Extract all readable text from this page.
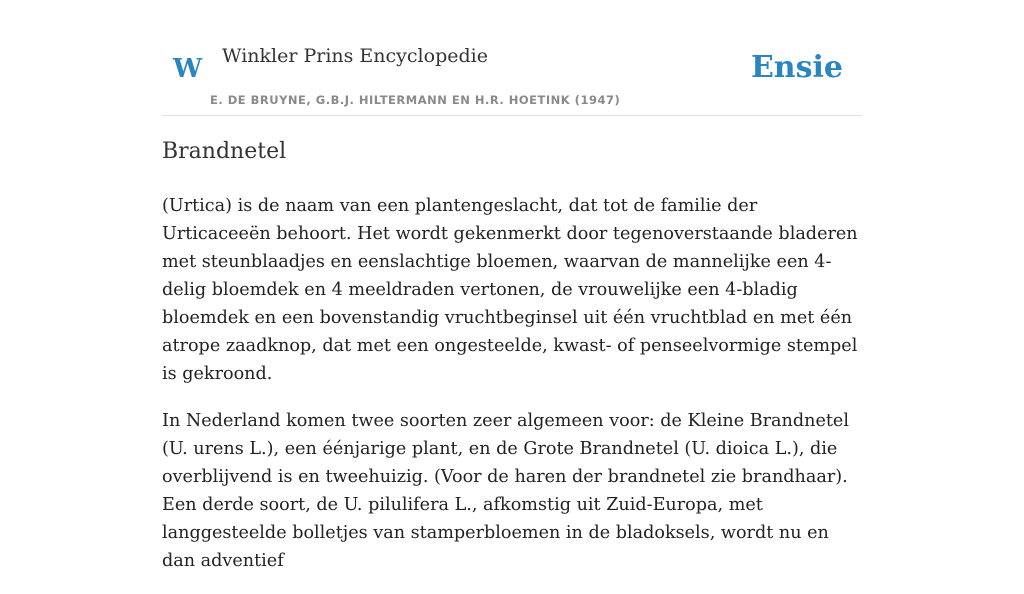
W Winkler Prins Encyclopedie
E. DE BRUYNE, G.B.J. HILTERMANN EN H.R. HOETINK (1947)
Ensie
Brandnetel

(Urtica) is de naam van een plantengeslacht, dat tot de familie der Urticaceeën behoort. Het wordt gekenmerkt door tegenoverstaande bladeren met steunblaadjes en eenslachtige bloemen, waarvan de mannelijke een 4-delig bloemdek en 4 meeldraden vertonen, de vrouwelijke een 4-bladig bloemdek en een bovenstandig vruchtbeginsel uit één vruchtblad en met één atrope zaadknop, dat met een ongesteelde, kwast- of penseelvormige stempel is gekroond.

In Nederland komen twee soorten zeer algemeen voor: de Kleine Brandnetel (U. urens L.), een éénjarige plant, en de Grote Brandnetel (U. dioica L.), die overblijvend is en tweehuizig. (Voor de haren der brandnetel zie brandhaar). Een derde soort, de U. pilulifera L., afkomstig uit Zuid-Europa, met langgesteelde bolletjes van stamperbloemen in de bladoksels, wordt nu en dan adventief
